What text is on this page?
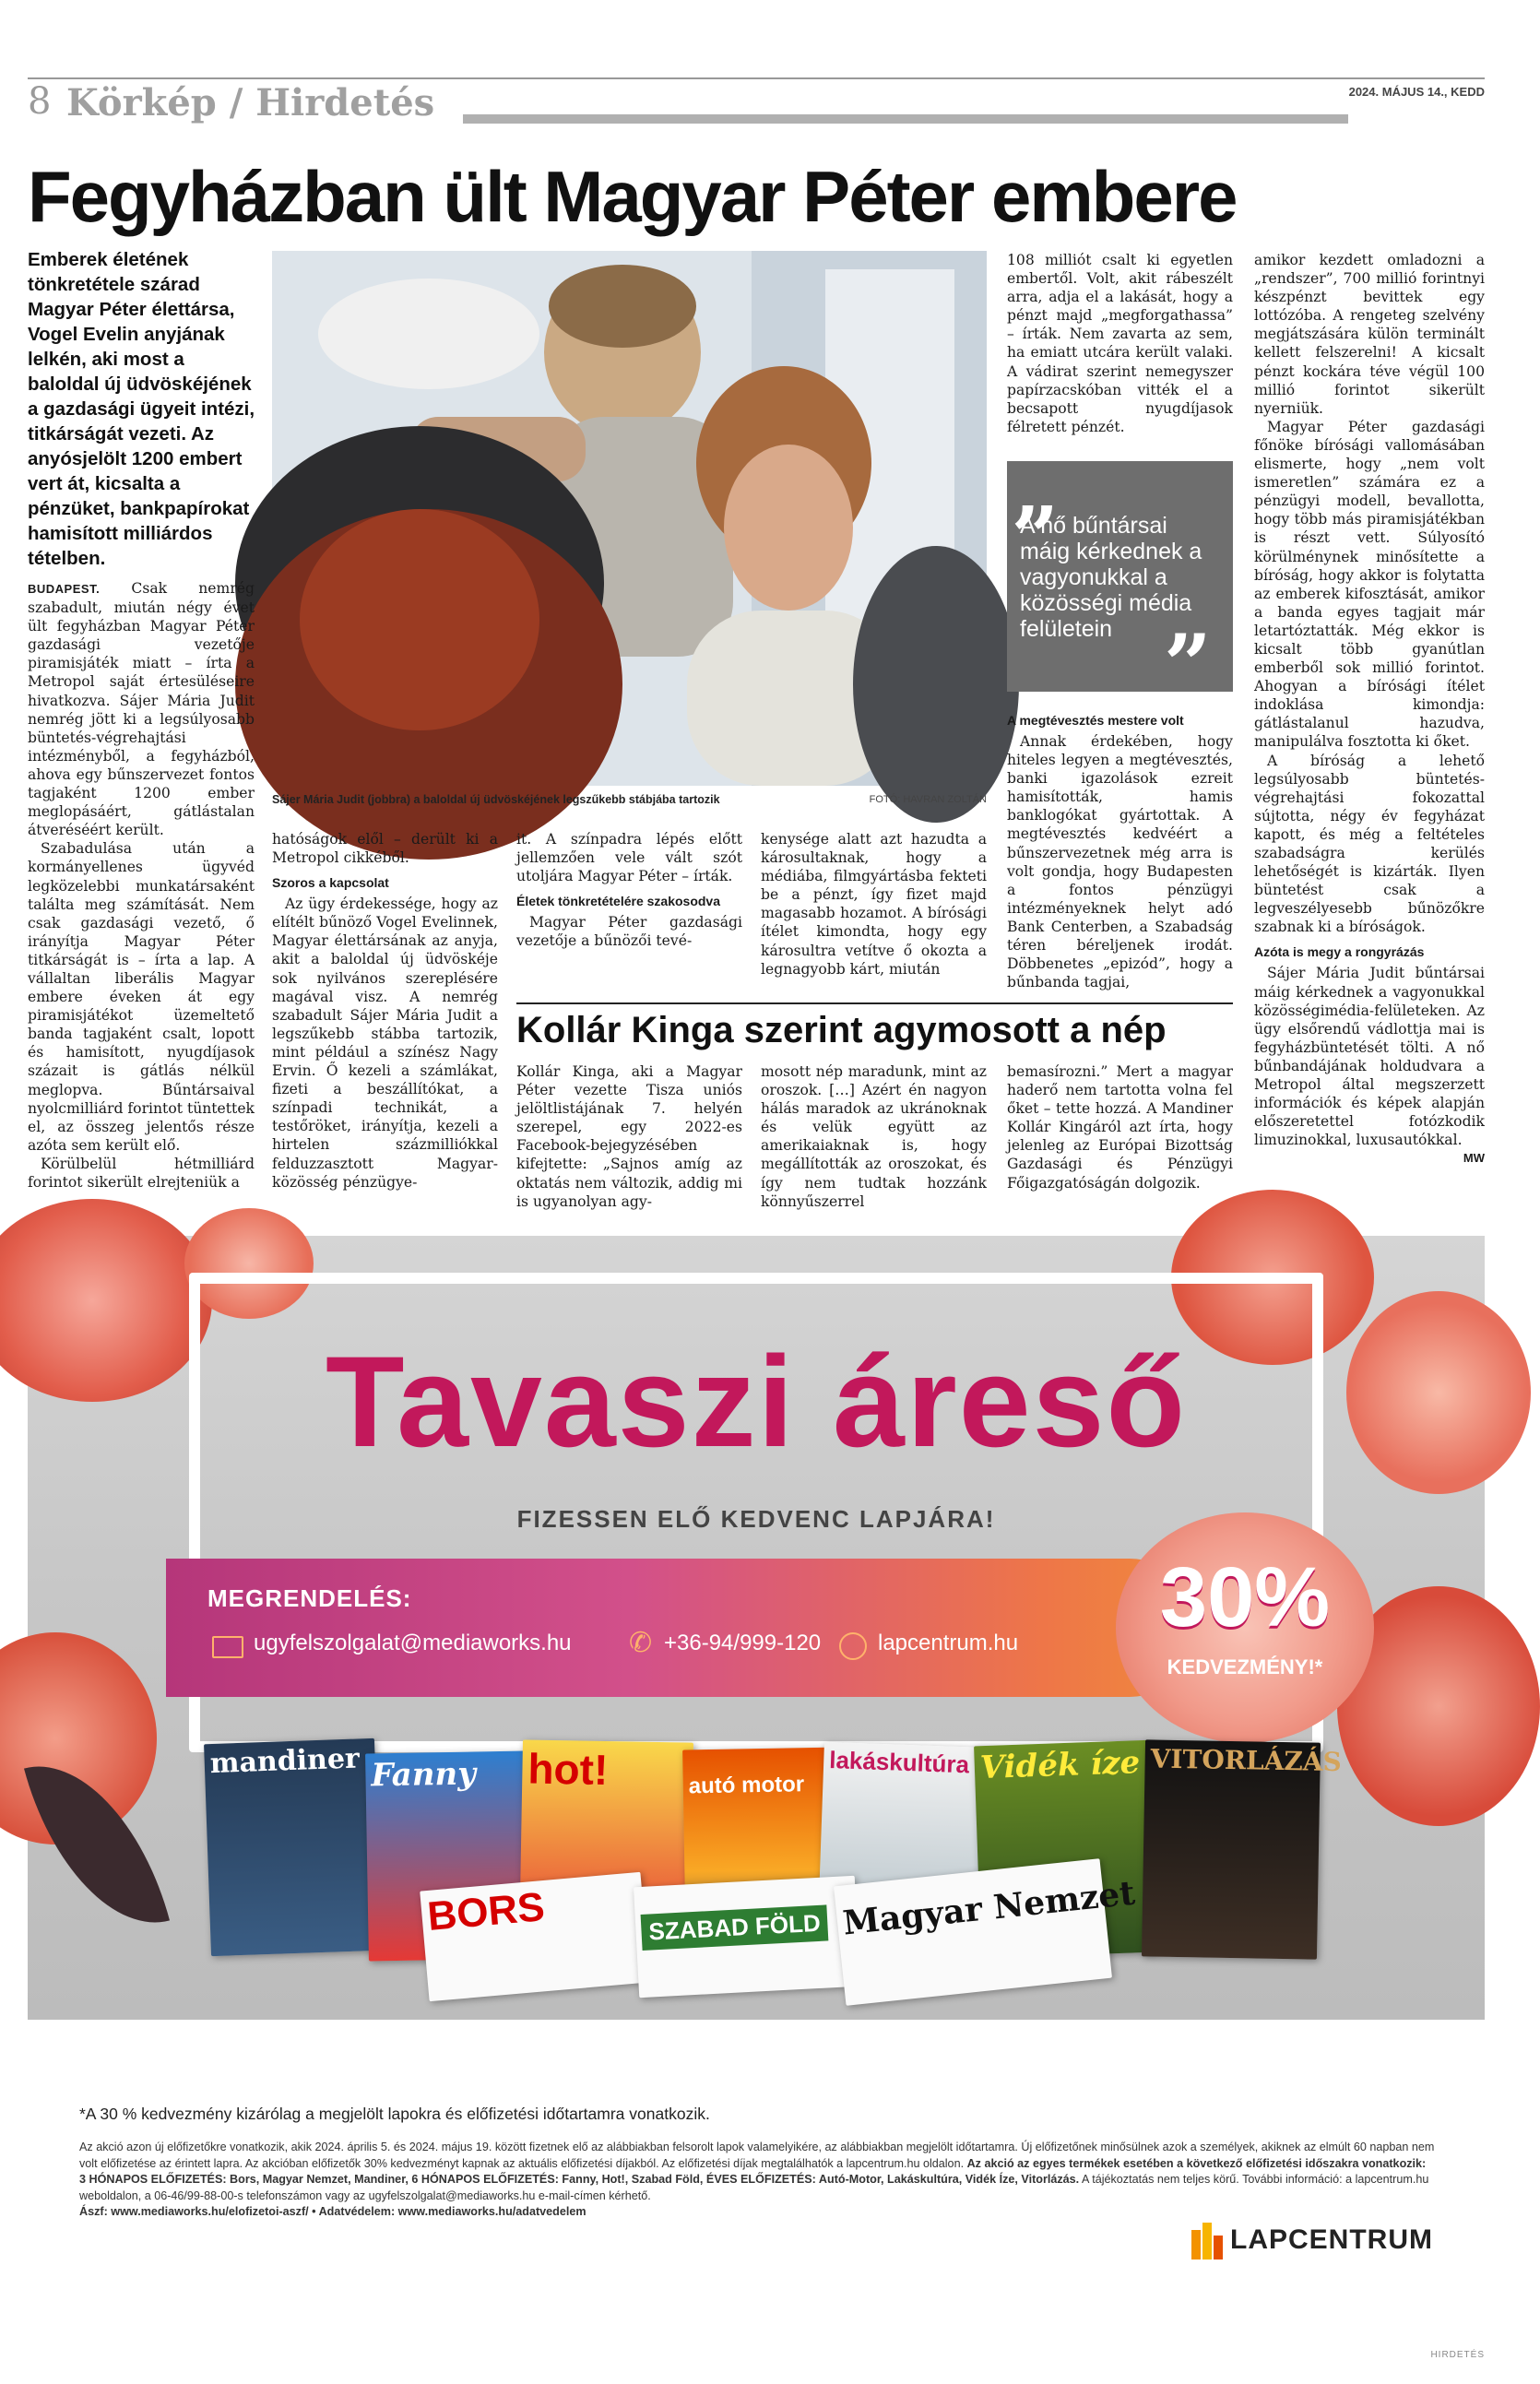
8 Körkép / Hirdetés	2024. MÁJUS 14., KEDD
Fegyházban ült Magyar Péter embere
Emberek életének tönkretétele szárad Magyar Péter élettársa, Vogel Evelin anyjának lelkén, aki most a baloldal új üdvöskéjének a gazdasági ügyeit intézi, titkárságát vezeti. Az anyósjelölt 1200 embert vert át, kicsalta a pénzüket, bankpapírokat hamisított milliárdos tételben.
Sájer Mária Judit (jobbra) a baloldal új üdvöskéjének legszűkebb stábjába tartozik	FOTÓ: HAVRAN ZOLTÁN

BUDAPEST. Csak nemrég szabadult, miután négy évet ült fegyházban Magyar Péter gazdasági vezetője piramisjáték miatt – írta a Metropol saját értesüléseire hivatkozva. Sájer Mária Judit nemrég jött ki a legsúlyosabb büntetés-végrehajtási intézményből, a fegyházból, ahova egy bűnszervezet fontos tagjaként 1200 ember meglopásáért, gátlástalan átveréséért került.

Szabadulása után a kormányellenes ügyvéd legközelebbi munkatársaként találta meg számítását. Nem csak gazdasági vezető, ő irányítja Magyar Péter titkárságát is – írta a lap. A vállaltan liberális Magyar embere éveken át egy piramisjátékot üzemeltető banda tagjaként csalt, lopott és hamisított, nyugdíjasok százait is gátlás nélkül meglopva. Bűntársaival nyolcmilliárd forintot tüntettek el, az összeg jelentős része azóta sem került elő.

Körülbelül hétmilliárd forintot sikerült elrejteniük a

hatóságok elől – derült ki a Metropol cikkéből.

Szoros a kapcsolat

Az ügy érdekessége, hogy az elítélt bűnöző Vogel Evelinnek, Magyar élettársának az anyja, akit a baloldal új üdvöskéje sok nyilvános szereplésére magával visz. A nemrég szabadult Sájer Mária Judit a legszűkebb stábba tartozik, mint például a színész Nagy Ervin. Ő kezeli a számlákat, fizeti a beszállítókat, a színpadi technikát, a testőröket, irányítja, kezeli a hirtelen százmilliókkal felduzzasztott Magyar-közösség pénzügye-

it. A színpadra lépés előtt jellemzően vele vált szót utoljára Magyar Péter – írták.

Életek tönkretételére szakosodva

Magyar Péter gazdasági vezetője a bűnözői tevé-

kenysége alatt azt hazudta a károsultaknak, hogy a médiába, filmgyártásba fekteti be a pénzt, így fizet majd magasabb hozamot. A bírósági ítélet kimondta, hogy egy károsultra vetítve ő okozta a legnagyobb kárt, miután

108 milliót csalt ki egyetlen embertől. Volt, akit rábeszélt arra, adja el a lakását, hogy a pénzt majd „megforgathassa” – írták. Nem zavarta az sem, ha emiatt utcára került valaki. A vádirat szerint nemegyszer papírzacskóban vitték el a becsapott nyugdíjasok félretett pénzét.

„
A nő bűntársai máig kérkednek a vagyonukkal a közösségi média felületein ”
A megtévesztés mestere volt

Annak érdekében, hogy hiteles legyen a megtévesztés, banki igazolások ezreit hamisították, hamis banklogókat gyártottak. A megtévesztés kedvéért a bűnszervezetnek még arra is volt gondja, hogy Budapesten a fontos pénzügyi intézményeknek helyt adó Bank Centerben, a Szabadság téren béreljenek irodát. Döbbenetes „epizód”, hogy a bűnbanda tagjai,

amikor kezdett omladozni a „rendszer”, 700 millió forintnyi készpénzt bevittek egy lottózóba. A rengeteg szelvény megjátszására külön terminált kellett felszerelni! A kicsalt pénzt kockára téve végül 100 millió forintot sikerült nyerniük.

Magyar Péter gazdasági főnöke bírósági vallomásában elismerte, hogy „nem volt ismeretlen” számára ez a pénzügyi modell, bevallotta, hogy több más piramisjátékban is részt vett. Súlyosító körülménynek minősítette a bíróság, hogy akkor is folytatta az emberek kifosztását, amikor a banda egyes tagjait már letartóztatták. Még ekkor is kicsalt több gyanútlan emberből sok millió forintot. Ahogyan a bírósági ítélet indoklása kimondja: gátlástalanul hazudva, manipulálva fosztotta ki őket.

A bíróság a lehető legsúlyosabb büntetés-végrehajtási fokozattal sújtotta, négy év fegyházat kapott, és még a feltételes szabadságra kerülés lehetőségét is kizárták. Ilyen büntetést csak a legveszélyesebb bűnözőkre szabnak ki a bíróságok.

Azóta is megy a rongyrázás

Sájer Mária Judit bűntársai máig kérkednek a vagyonukkal közösségimédia-felületeken. Az ügy elsőrendű vádlottja mai is fegyházbüntetését tölti. A nő bűnbandájának holdudvara a Metropol által megszerzett információk és képek alapján előszeretettel fotózkodik limuzinokkal, luxusautókkal.
MW

Kollár Kinga szerint agymosott a nép

Kollár Kinga, aki a Magyar Péter vezette Tisza uniós jelöltlistájának 7. helyén szerepel, egy 2022-es Facebook-bejegyzésében kifejtette: „Sajnos amíg az oktatás nem változik, addig mi is ugyanolyan agy-

mosott nép maradunk, mint az oroszok. […] Azért én nagyon hálás maradok az ukránoknak és velük együtt az amerikaiaknak is, hogy megállították az oroszokat, és így nem tudtak hozzánk könnyűszerrel

bemasírozni.” Mert a magyar haderő nem tartotta volna fel őket – tette hozzá. A Mandiner Kollár Kingáról azt írta, hogy jelenleg az Európai Bizottság Gazdasági és Pénzügyi Főigazgatóságán dolgozik.

Tavaszi áreső
FIZESSEN ELŐ KEDVENC LAPJÁRA!
MEGRENDELÉS:
ugyfelszolgalat@mediaworks.hu ✆ +36-94/999-120	lapcentrum.hu	30%
KEDVEZMÉNY!*
mandiner Fanny hot!	autó motor
lakáskultúra Vidék íze VITORLÁZÁS
BORS	SZABAD FÖLD Magyar Nemzet
*A 30 % kedvezmény kizárólag a megjelölt lapokra és előfizetési időtartamra vonatkozik.
Az akció azon új előfizetőkre vonatkozik, akik 2024. április 5. és 2024. május 19. között fizetnek elő az alábbiakban felsorolt lapok valamelyikére, az alábbiakban megjelölt időtartamra. Új előfizetőnek minősülnek azok a személyek, akiknek az elmúlt 60 napban nem volt előfizetése az érintett lapra. Az akcióban előfizetők 30% kedvezményt kapnak az aktuális előfizetési díjakból. Az előfizetési díjak megtalálhatók a lapcentrum.hu oldalon. Az akció az egyes termékek esetében a következő előfizetési időszakra vonatkozik: 3 HÓNAPOS ELŐFIZETÉS: Bors, Magyar Nemzet, Mandiner, 6 HÓNAPOS ELŐFIZETÉS: Fanny, Hot!, Szabad Föld, ÉVES ELŐFIZETÉS: Autó-Motor, Lakáskultúra, Vidék Íze, Vitorlázás. A tájékoztatás nem teljes körű. További információ: a lapcentrum.hu weboldalon, a 06-46/99-88-00-s telefonszámon vagy az ugyfelszolgalat@mediaworks.hu e-mail-címen kérhető.
Ászf: www.mediaworks.hu/elofizetoi-aszf/ • Adatvédelem: www.mediaworks.hu/adatvedelem
LAPCENTRUM
HIRDETÉS
